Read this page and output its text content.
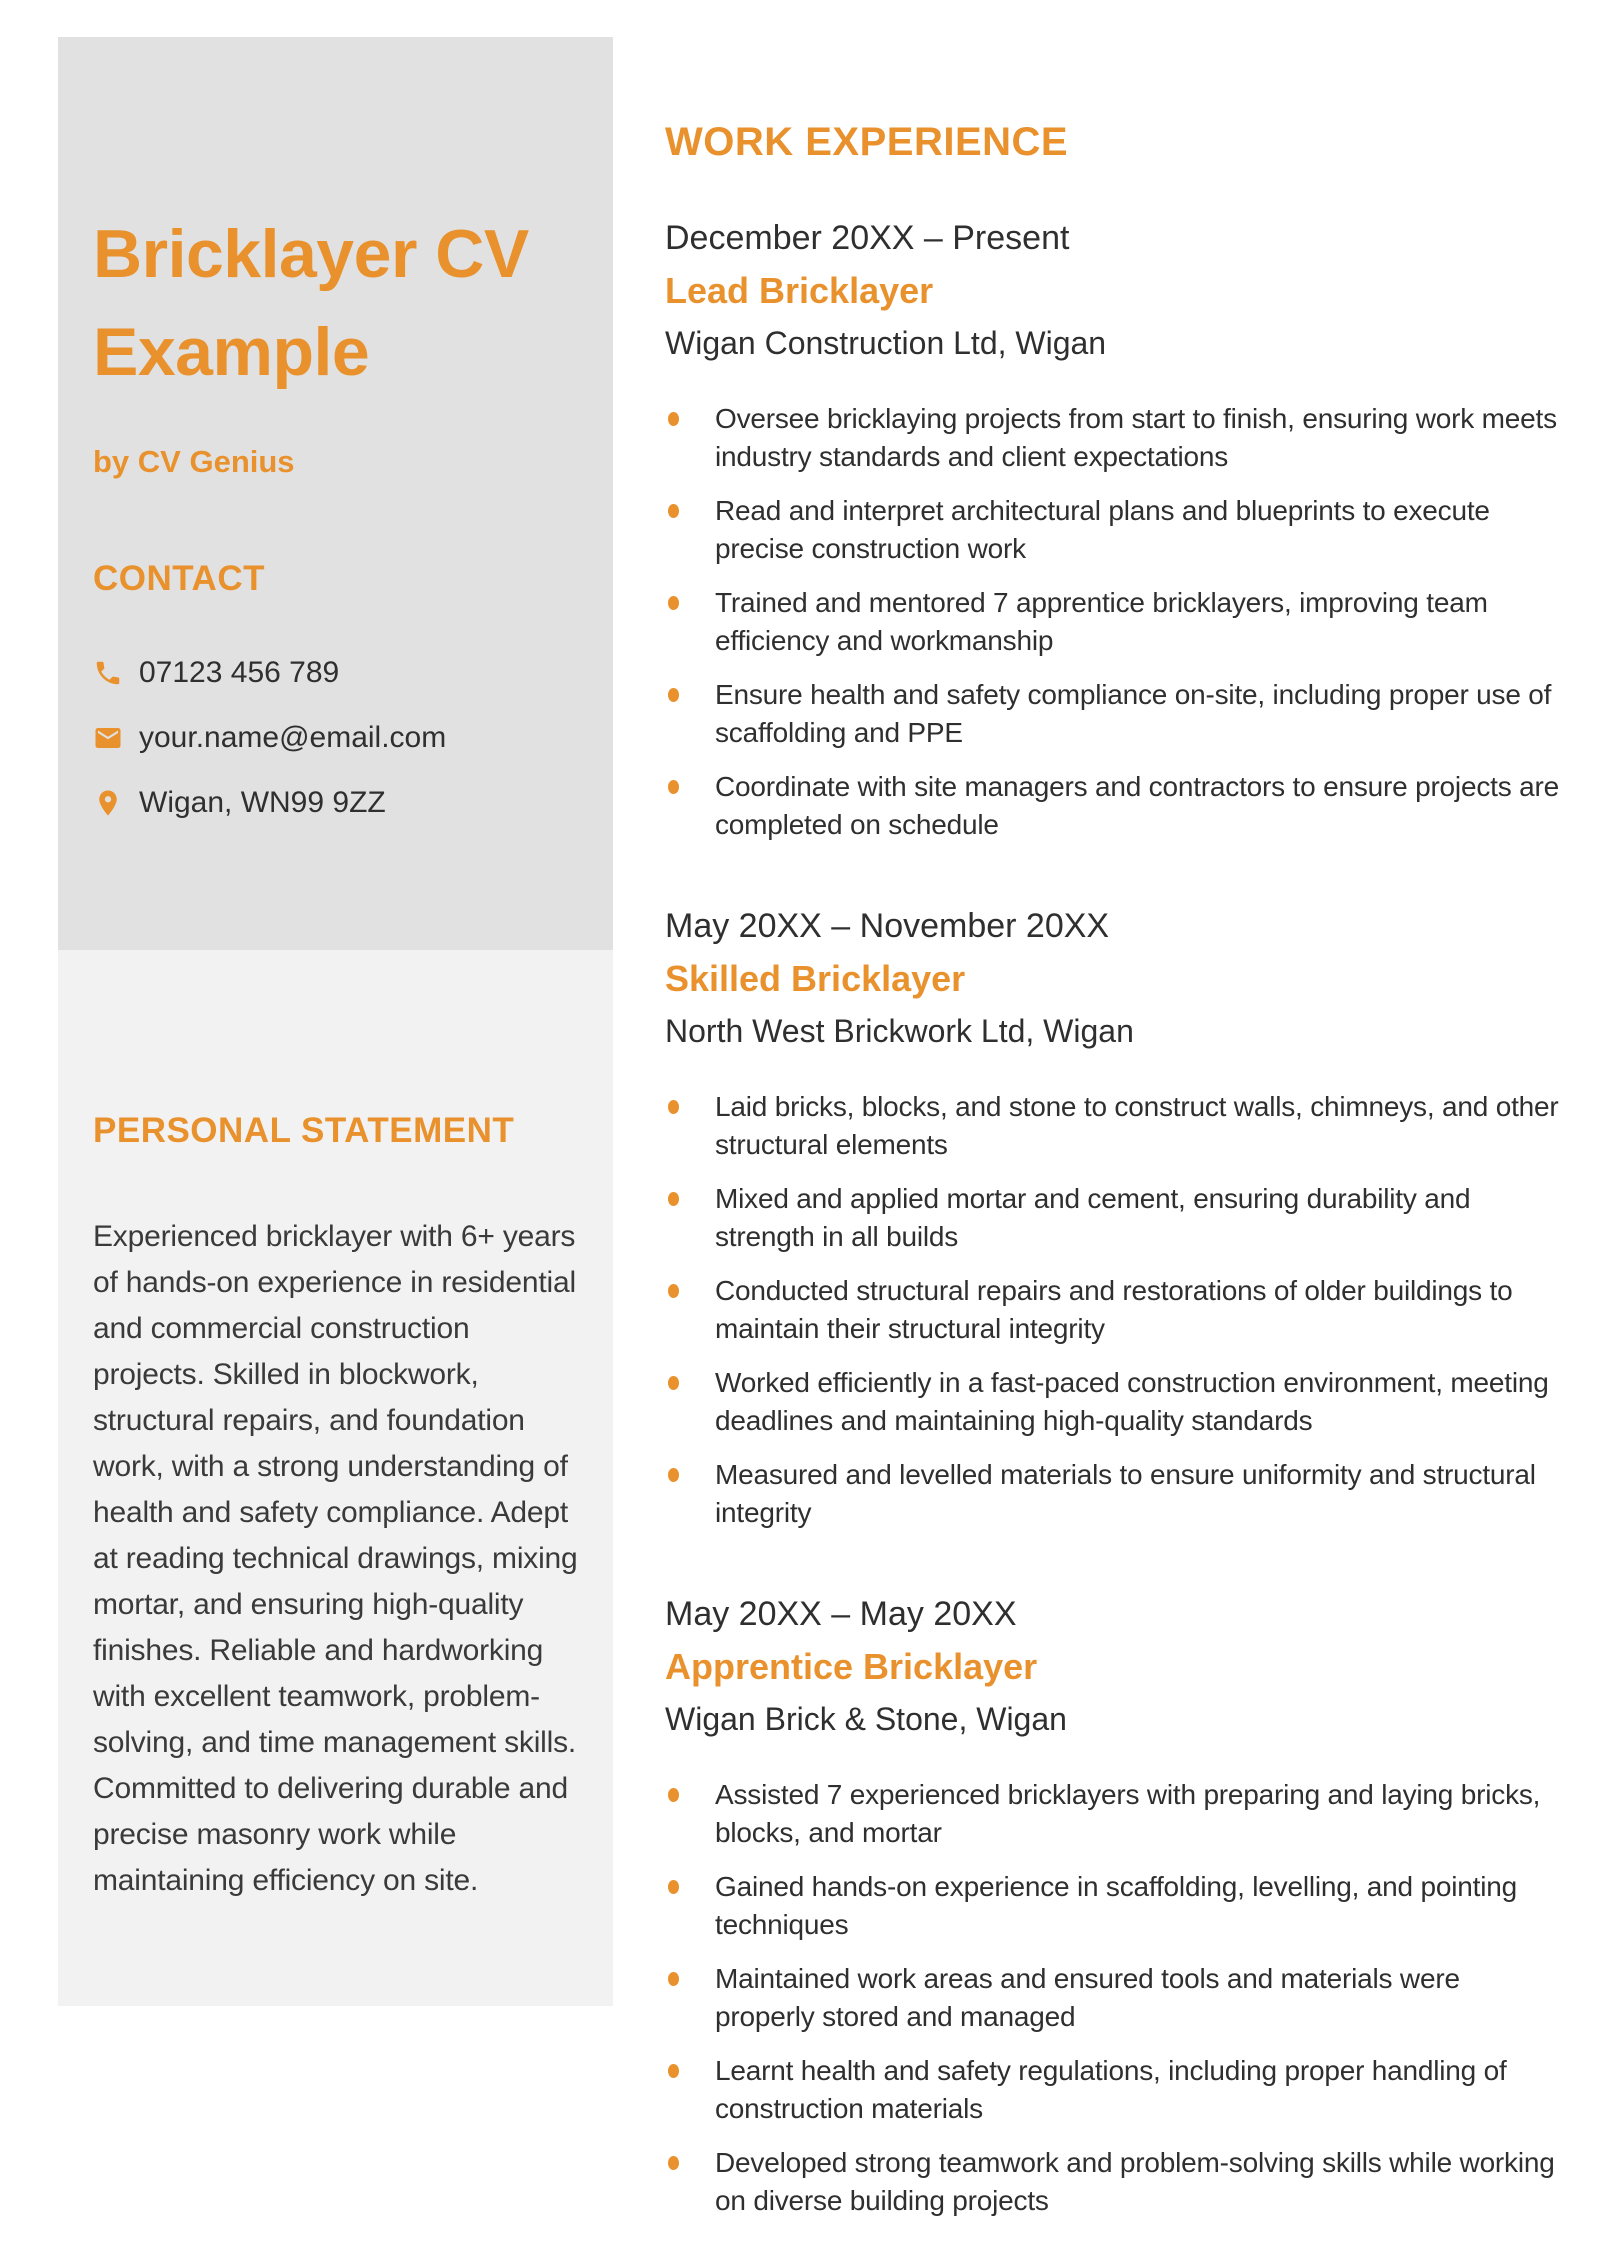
Bricklayer CV Example
by CV Genius
CONTACT
07123 456 789
your.name@email.com
Wigan, WN99 9ZZ
PERSONAL STATEMENT

Experienced bricklayer with 6+ years of hands-on experience in residential and commercial construction projects. Skilled in blockwork, structural repairs, and foundation work, with a strong understanding of health and safety compliance. Adept at reading technical drawings, mixing mortar, and ensuring high-quality finishes. Reliable and hardworking with excellent teamwork, problem-solving, and time management skills. Committed to delivering durable and precise masonry work while maintaining efficiency on site.

WORK EXPERIENCE
December 20XX – Present
Lead Bricklayer
Wigan Construction Ltd, Wigan
Oversee bricklaying projects from start to finish, ensuring work meets industry standards and client expectations
Read and interpret architectural plans and blueprints to execute precise construction work
Trained and mentored 7 apprentice bricklayers, improving team efficiency and workmanship
Ensure health and safety compliance on-site, including proper use of scaffolding and PPE
Coordinate with site managers and contractors to ensure projects are completed on schedule
May 20XX – November 20XX
Skilled Bricklayer
North West Brickwork Ltd, Wigan
Laid bricks, blocks, and stone to construct walls, chimneys, and other structural elements
Mixed and applied mortar and cement, ensuring durability and strength in all builds
Conducted structural repairs and restorations of older buildings to maintain their structural integrity
Worked efficiently in a fast-paced construction environment, meeting deadlines and maintaining high-quality standards
Measured and levelled materials to ensure uniformity and structural integrity
May 20XX – May 20XX
Apprentice Bricklayer
Wigan Brick & Stone, Wigan
Assisted 7 experienced bricklayers with preparing and laying bricks, blocks, and mortar
Gained hands-on experience in scaffolding, levelling, and pointing techniques
Maintained work areas and ensured tools and materials were properly stored and managed
Learnt health and safety regulations, including proper handling of construction materials
Developed strong teamwork and problem-solving skills while working on diverse building projects
